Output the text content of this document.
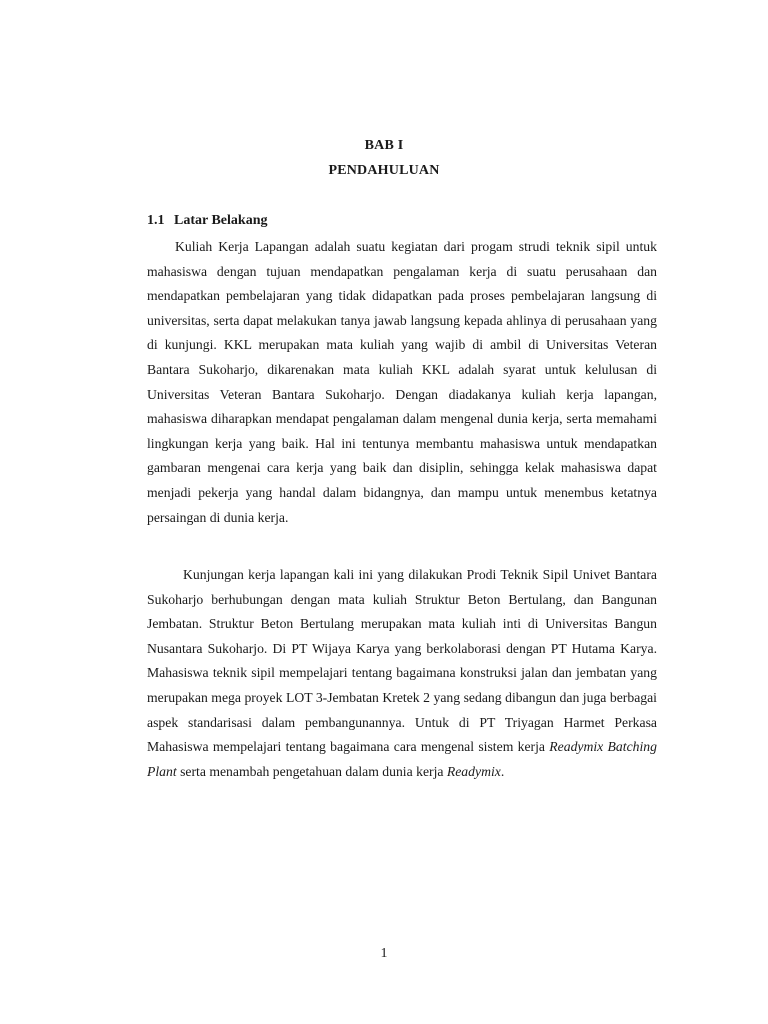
BAB I
PENDAHULUAN
1.1 Latar Belakang

Kuliah Kerja Lapangan adalah suatu kegiatan dari progam strudi teknik sipil untuk mahasiswa dengan tujuan mendapatkan pengalaman kerja di suatu perusahaan dan mendapatkan pembelajaran yang tidak didapatkan pada proses pembelajaran langsung di universitas, serta dapat melakukan tanya jawab langsung kepada ahlinya di perusahaan yang di kunjungi. KKL merupakan mata kuliah yang wajib di ambil di Universitas Veteran Bantara Sukoharjo, dikarenakan mata kuliah KKL adalah syarat untuk kelulusan di Universitas Veteran Bantara Sukoharjo. Dengan diadakanya kuliah kerja lapangan, mahasiswa diharapkan mendapat pengalaman dalam mengenal dunia kerja, serta memahami lingkungan kerja yang baik. Hal ini tentunya membantu mahasiswa untuk mendapatkan gambaran mengenai cara kerja yang baik dan disiplin, sehingga kelak mahasiswa dapat menjadi pekerja yang handal dalam bidangnya, dan mampu untuk menembus ketatnya persaingan di dunia kerja.

Kunjungan kerja lapangan kali ini yang dilakukan Prodi Teknik Sipil Univet Bantara Sukoharjo berhubungan dengan mata kuliah Struktur Beton Bertulang, dan Bangunan Jembatan. Struktur Beton Bertulang merupakan mata kuliah inti di Universitas Bangun Nusantara Sukoharjo. Di PT Wijaya Karya yang berkolaborasi dengan PT Hutama Karya. Mahasiswa teknik sipil mempelajari tentang bagaimana konstruksi jalan dan jembatan yang merupakan mega proyek LOT 3-Jembatan Kretek 2 yang sedang dibangun dan juga berbagai aspek standarisasi dalam pembangunannya. Untuk di PT Triyagan Harmet Perkasa Mahasiswa mempelajari tentang bagaimana cara mengenal sistem kerja Readymix Batching Plant serta menambah pengetahuan dalam dunia kerja Readymix.

1
